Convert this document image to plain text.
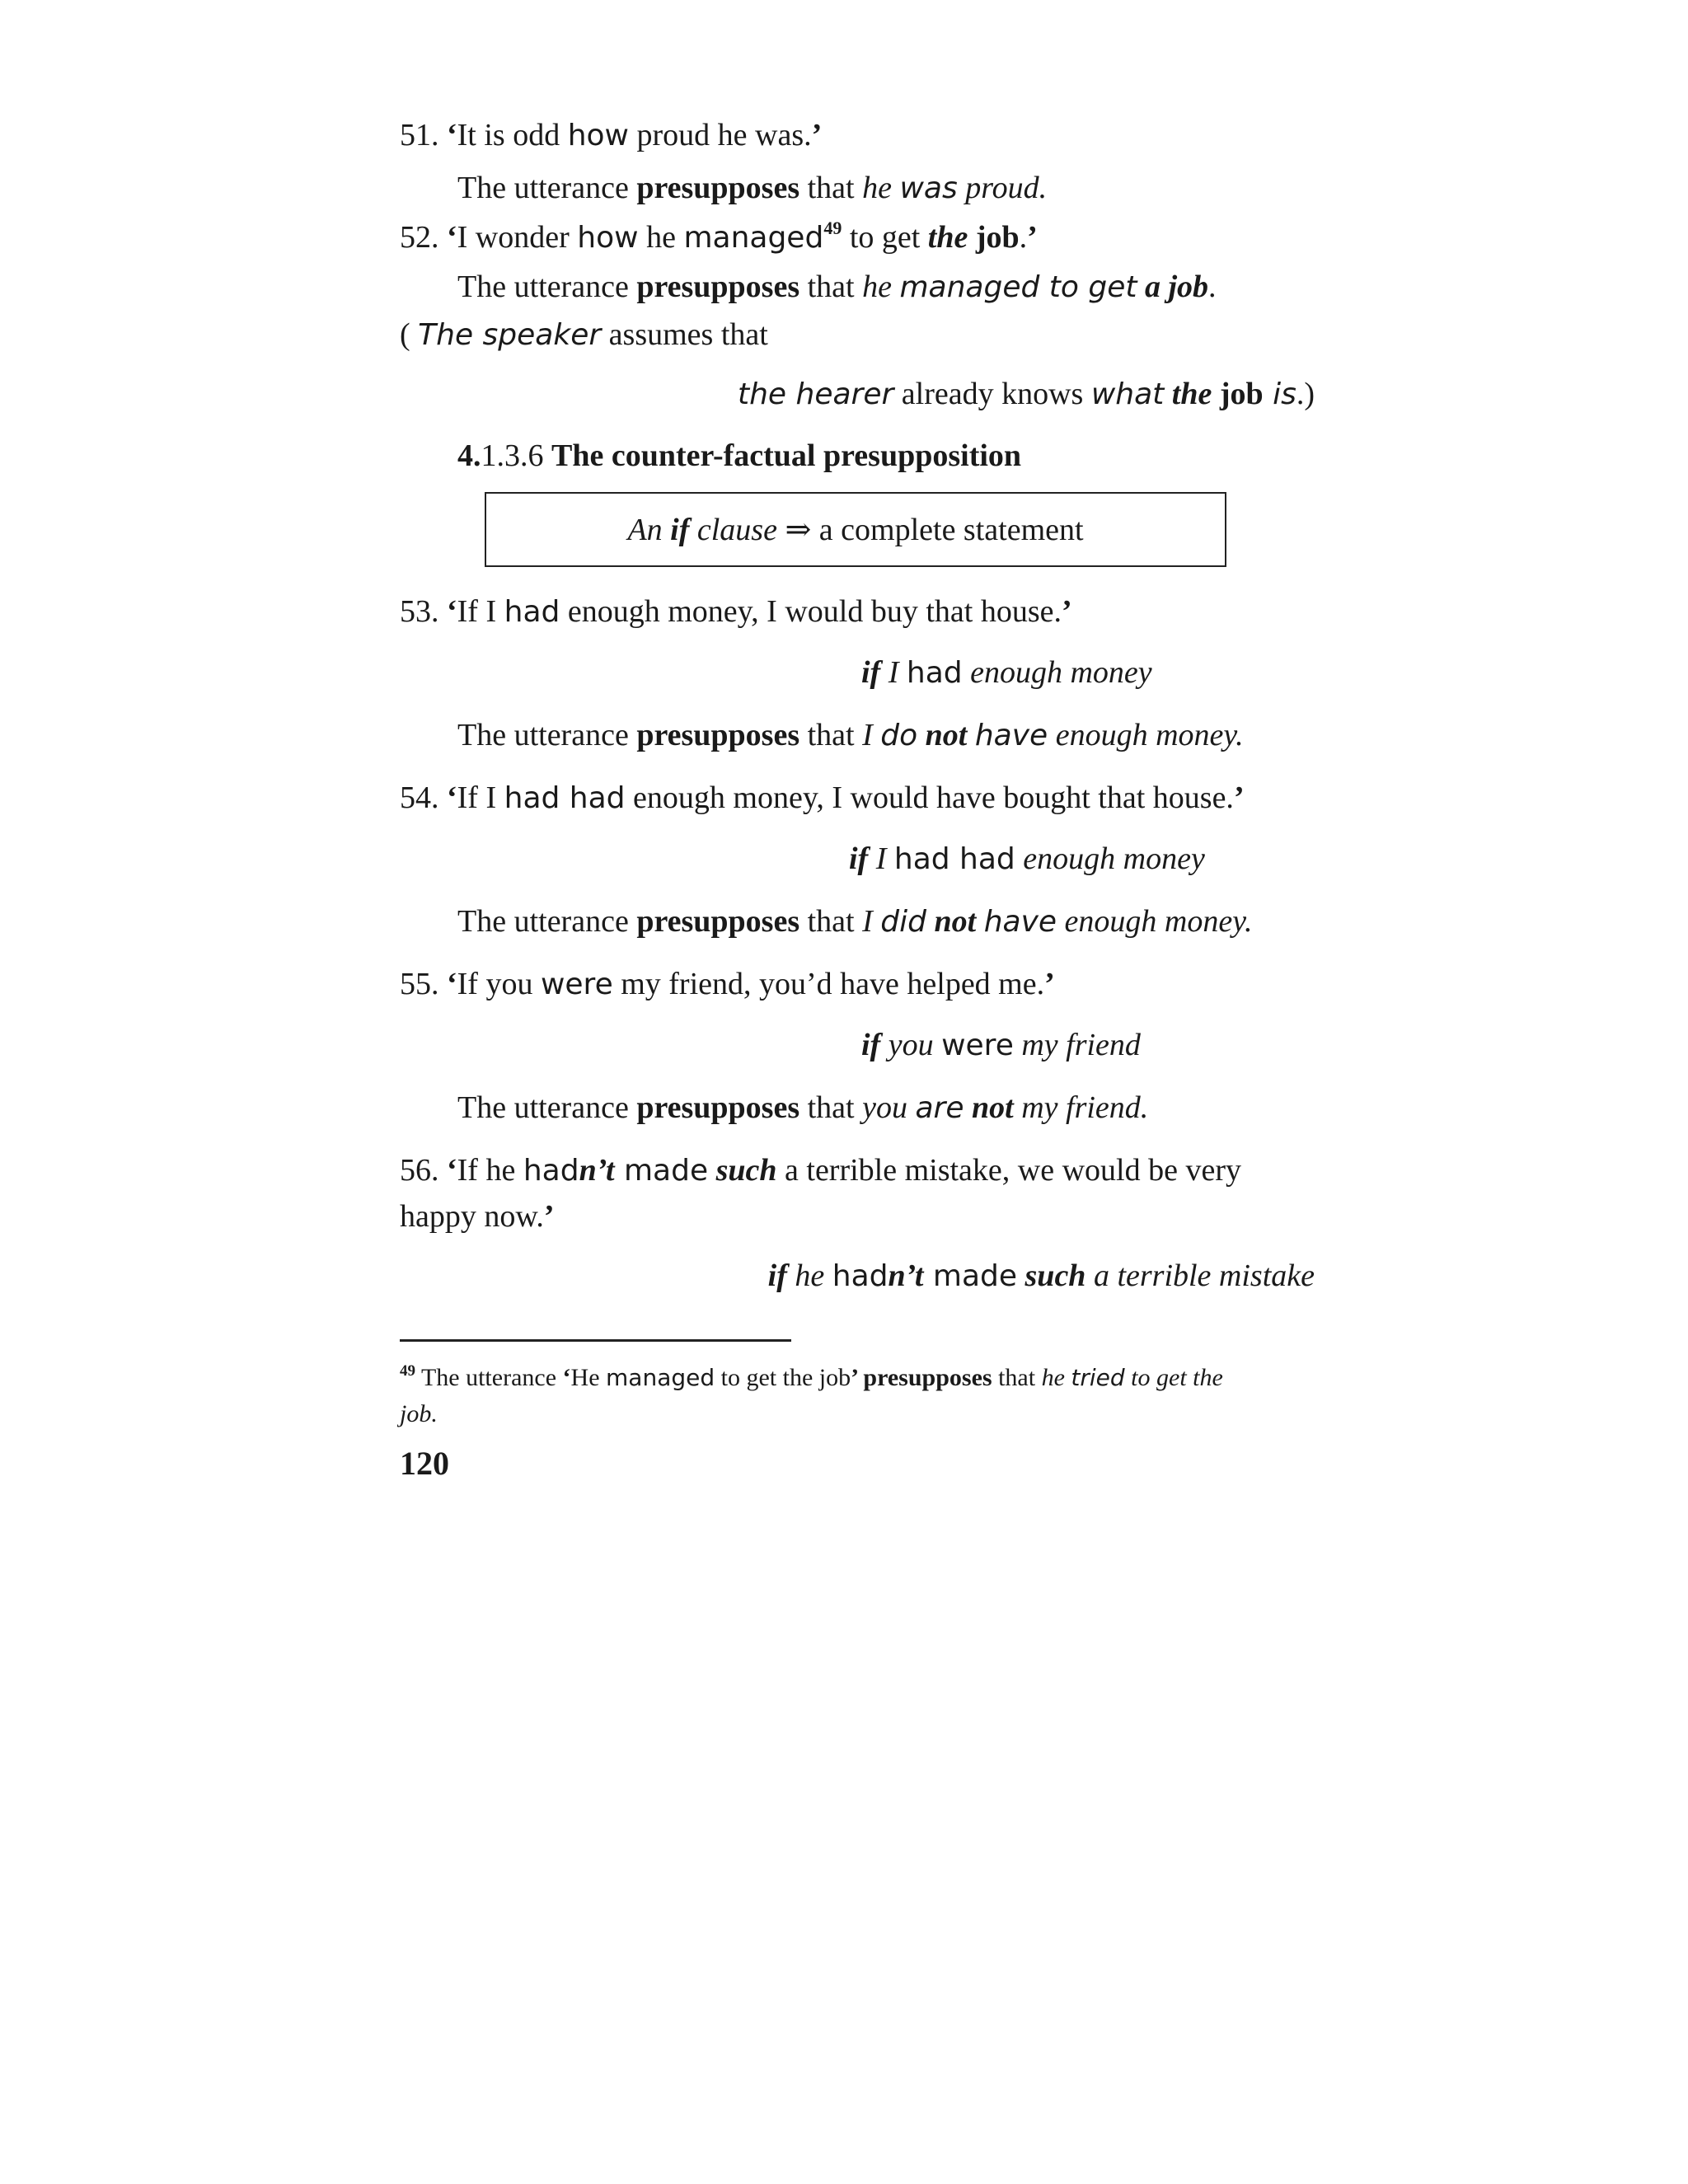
51. ‘It is odd how proud he was.’
The utterance presupposes that he was proud.
52. ‘I wonder how he managed$^{49}$ to get the job.’
The utterance presupposes that he managed to get a job.
( The speaker assumes that
the hearer already knows what the job is.)
4.1.3.6 The counter-factual presupposition
An if clause ⇒ a complete statement
53. ‘If I had enough money, I would buy that house.’
if I had enough money
The utterance presupposes that I do not have enough money.
54. ‘If I had had enough money, I would have bought that house.’
if I had had enough money
The utterance presupposes that I did not have enough money.
55. ‘If you were my friend, you’d have helped me.’
if you were my friend
The utterance presupposes that you are not my friend.
56. ‘If he hadn’t made such a terrible mistake, we would be very
happy now.’
if he hadn’t made such a terrible mistake
$^{49}$ The utterance ‘He managed to get the job’ presupposes that he tried to get the
job.
120
